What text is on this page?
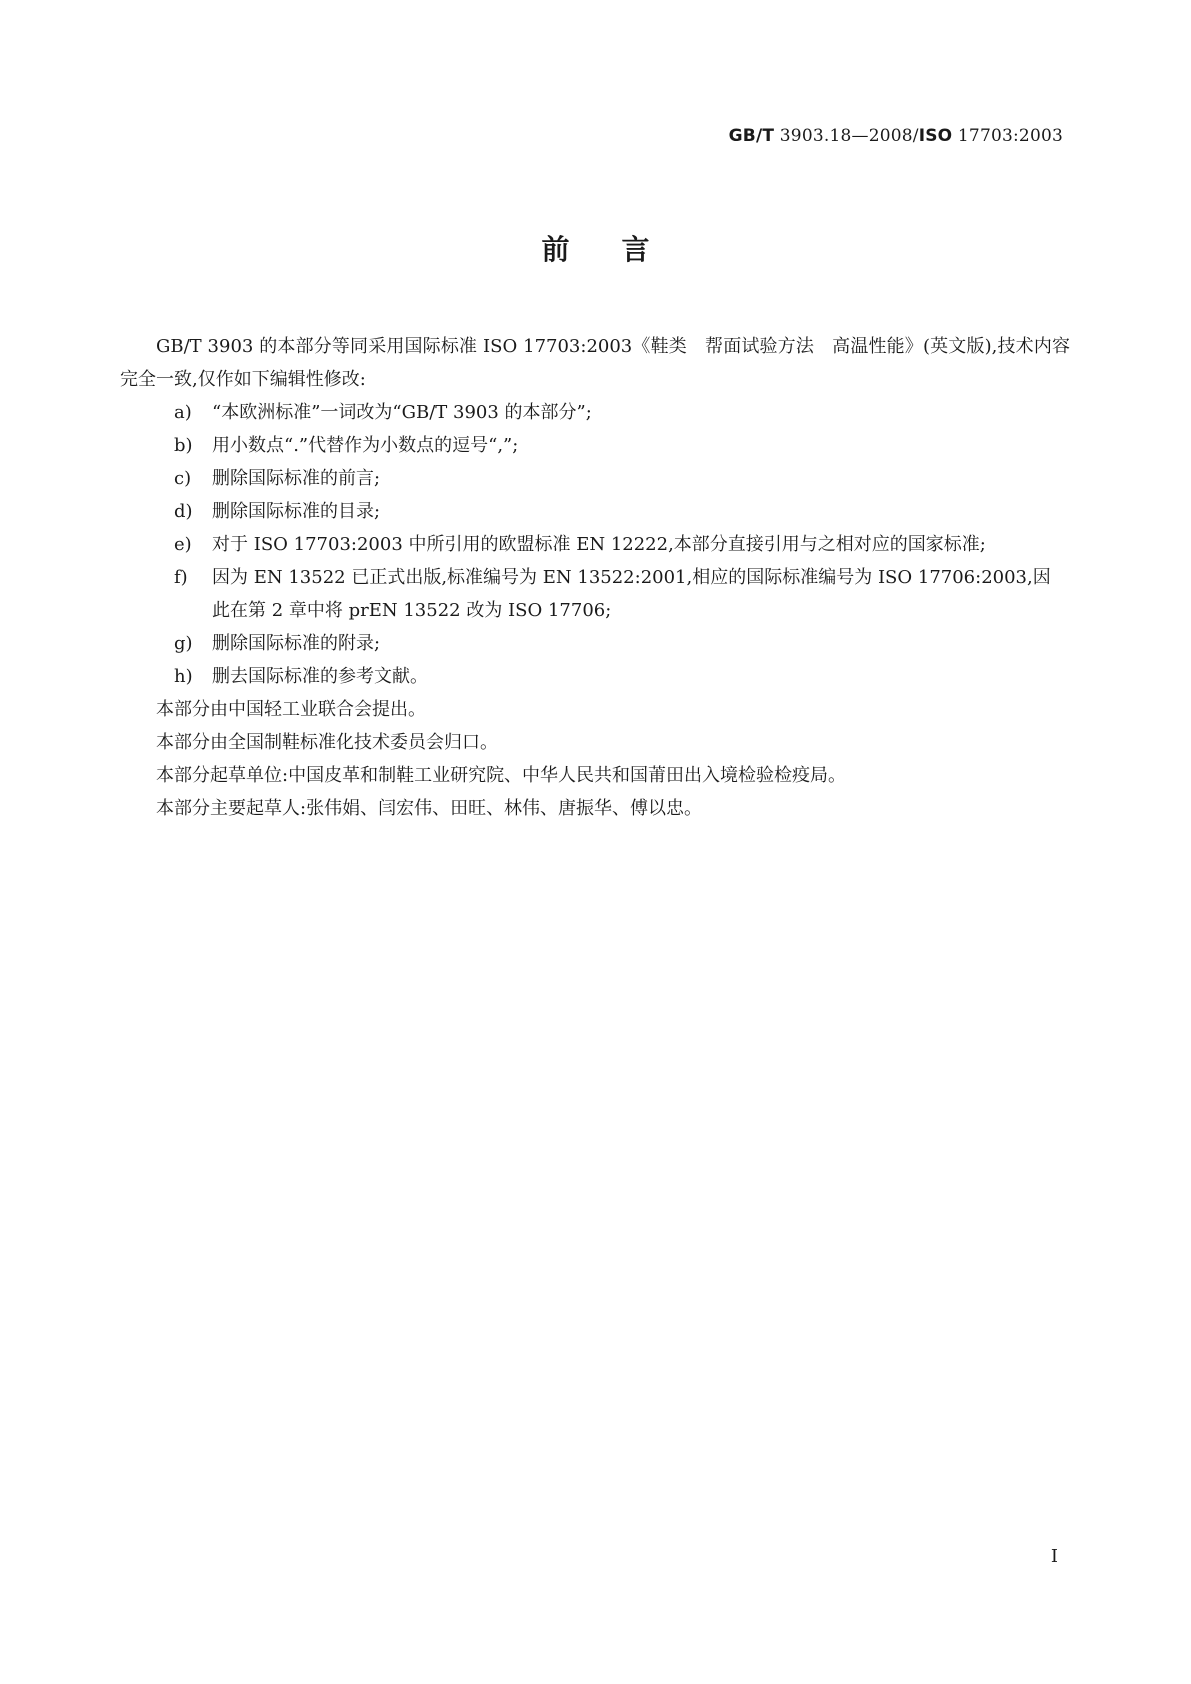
GB/T 3903.18—2008/ISO 17703:2003
前言

GB/T 3903 的本部分等同采用国际标准 ISO 17703:2003《鞋类　帮面试验方法　高温性能》(英文版),技术内容完全一致,仅作如下编辑性修改:

a)	“本欧洲标准”一词改为“GB/T 3903 的本部分”;
b)	用小数点“.”代替作为小数点的逗号“,”;
c)	删除国际标准的前言;
d)	删除国际标准的目录;
e)	对于 ISO 17703:2003 中所引用的欧盟标准 EN 12222,本部分直接引用与之相对应的国家标准;
f)	因为 EN 13522 已正式出版,标准编号为 EN 13522:2001,相应的国际标准编号为 ISO 17706:2003,因此在第 2 章中将 prEN 13522 改为 ISO 17706;
g)	删除国际标准的附录;
h)	删去国际标准的参考文献。

本部分由中国轻工业联合会提出。

本部分由全国制鞋标准化技术委员会归口。

本部分起草单位:中国皮革和制鞋工业研究院、中华人民共和国莆田出入境检验检疫局。

本部分主要起草人:张伟娟、闫宏伟、田旺、林伟、唐振华、傅以忠。

I
